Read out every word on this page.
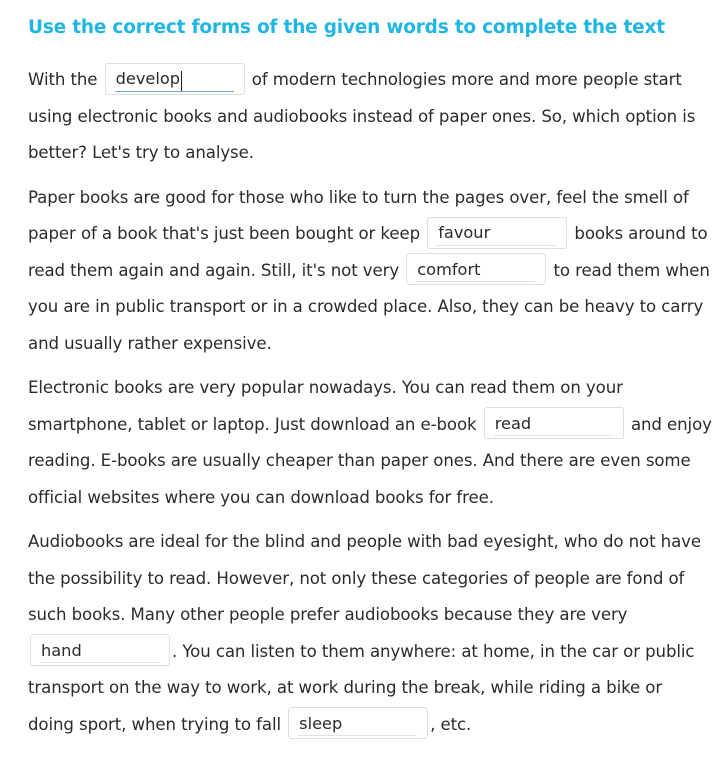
Use the correct forms of the given words to complete the text

With the
develop	of modern technologies more and more people start using electronic books and audiobooks instead of paper ones. So, which option is better? Let's try to analyse.

Paper books are good for those who like to turn the pages over, feel the smell of paper of a book that's just been bought or keep
favour	books around to read them again and again. Still, it's not very
comfort	to read them when you are in public transport or in a crowded place. Also, they can be heavy to carry and usually rather expensive.

Electronic books are very popular nowadays. You can read them on your smartphone, tablet or laptop. Just download an e-book
read	and enjoy reading. E-books are usually cheaper than paper ones. And there are even some official websites where you can download books for free.

Audiobooks are ideal for the blind and people with bad eyesight, who do not have the possibility to read. However, not only these categories of people are fond of such books. Many other people prefer audiobooks because they are very
hand. You can listen to them anywhere: at home, in the car or public transport on the way to work, at work during the break, while riding a bike or doing sport, when trying to fall
sleep	, etc.
